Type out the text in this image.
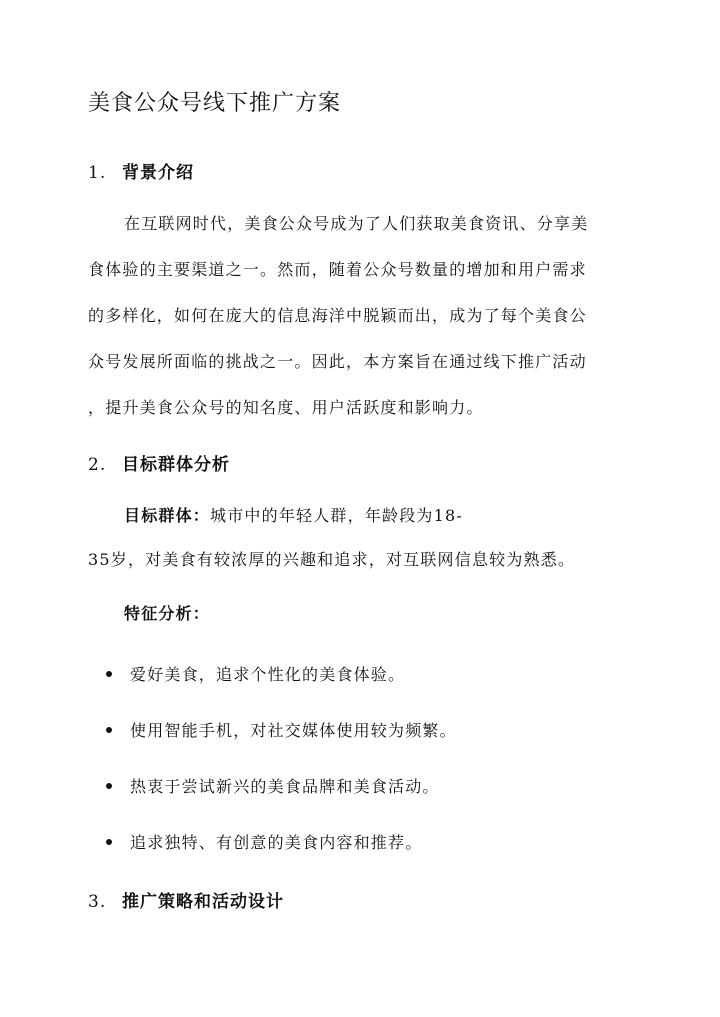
美食公众号线下推广方案
1. 背景介绍
在互联网时代，美食公众号成为了人们获取美食资讯、分享美
食体验的主要渠道之一。然而，随着公众号数量的增加和用户需求
的多样化，如何在庞大的信息海洋中脱颖而出，成为了每个美食公
众号发展所面临的挑战之一。因此，本方案旨在通过线下推广活动
，提升美食公众号的知名度、用户活跃度和影响力。
2. 目标群体分析
目标群体：城市中的年轻人群，年龄段为18-
35岁，对美食有较浓厚的兴趣和追求，对互联网信息较为熟悉。
特征分析：
爱好美食，追求个性化的美食体验。
使用智能手机，对社交媒体使用较为频繁。
热衷于尝试新兴的美食品牌和美食活动。
追求独特、有创意的美食内容和推荐。
3. 推广策略和活动设计
